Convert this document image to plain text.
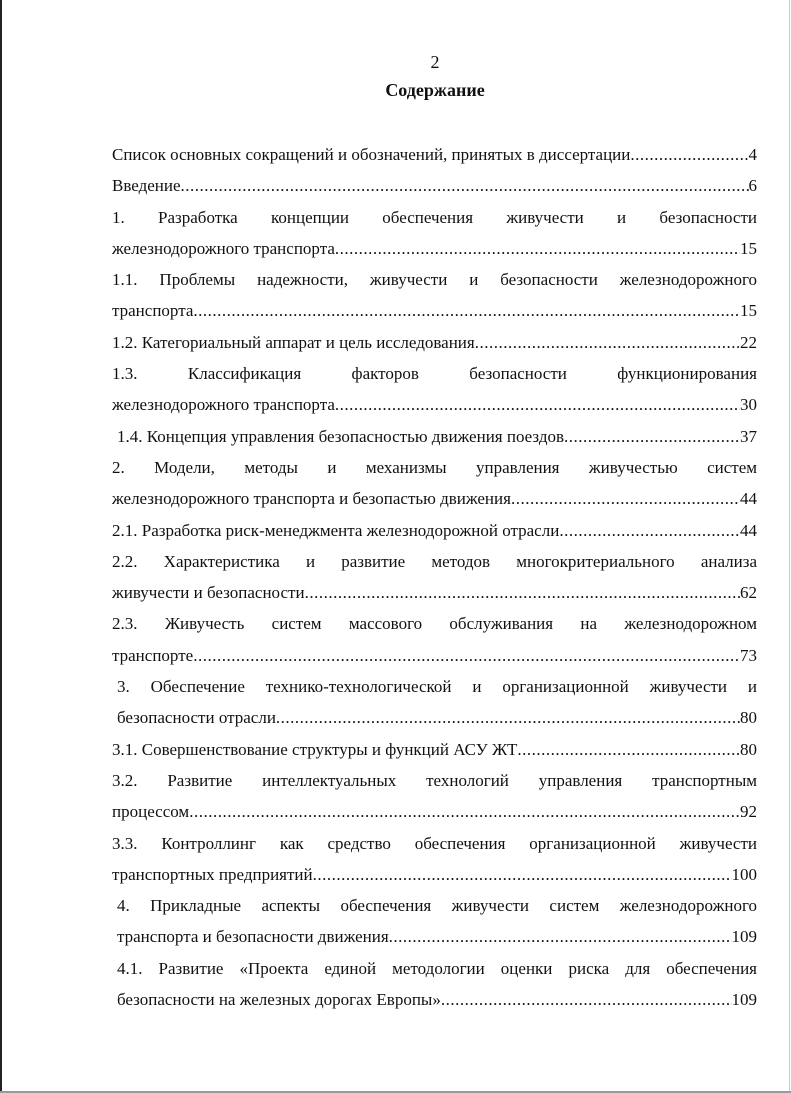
2
Содержание
Список основных сокращений и обозначений, принятых в диссертации .....	4
Введение .....	6
1. Разработка концепции обеспечения живучести и безопасности
железнодорожного транспорта .....	15
1.1. Проблемы надежности, живучести и безопасности железнодорожного
транспорта .....	15
1.2. Категориальный аппарат и цель исследования .....	22
1.3. Классификация факторов безопасности функционирования
железнодорожного транспорта .....	30
1.4. Концепция управления безопасностью движения поездов .....	37
2. Модели, методы и механизмы управления живучестью систем
железнодорожного транспорта и безопастью движения .....	44
2.1. Разработка риск-менеджмента железнодорожной отрасли .....	44
2.2. Характеристика и развитие методов многокритериального анализа
живучести и безопасности .....	62
2.3. Живучесть систем массового обслуживания на железнодорожном
транспорте .....	73
3. Обеспечение технико-технологической и организационной живучести и
безопасности отрасли .....	80
3.1. Совершенствование структуры и функций АСУ ЖТ .....	80
3.2. Развитие интеллектуальных технологий управления транспортным
процессом .....	92
3.3. Контроллинг как средство обеспечения организационной живучести
транспортных предприятий .....	100
4. Прикладные аспекты обеспечения живучести систем железнодорожного
транспорта и безопасности движения .....	109
4.1. Развитие «Проекта единой методологии оценки риска для обеспечения
безопасности на железных дорогах Европы» .....	109
